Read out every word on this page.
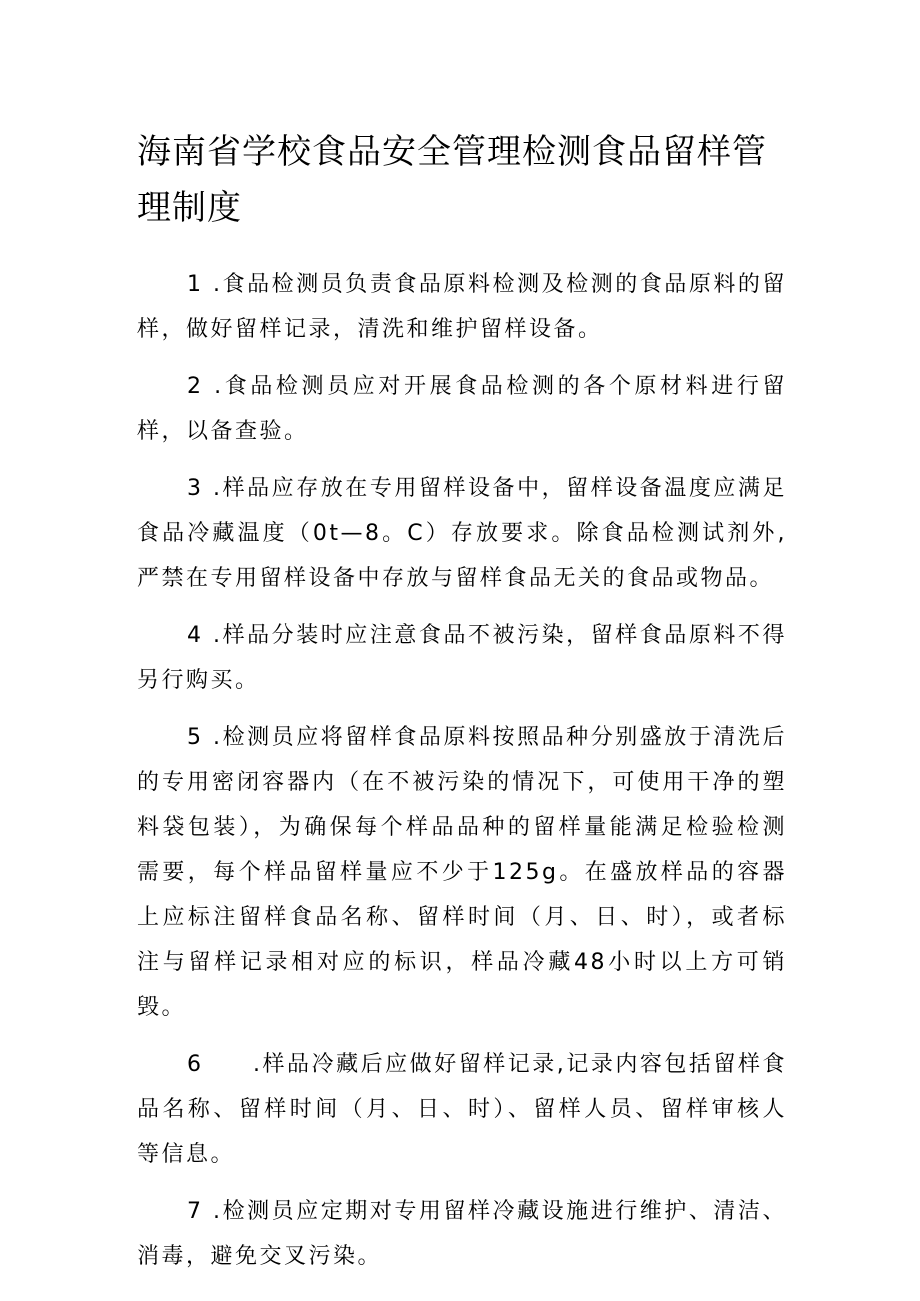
海南省学校食品安全管理检测食品留样管理制度

1 .食品检测员负责食品原料检测及检测的食品原料的留样，做好留样记录，清洗和维护留样设备。

2 .食品检测员应对开展食品检测的各个原材料进行留样，以备查验。

3 .样品应存放在专用留样设备中，留样设备温度应满足食品冷藏温度（0t—8。C）存放要求。除食品检测试剂外,严禁在专用留样设备中存放与留样食品无关的食品或物品。

4 .样品分装时应注意食品不被污染，留样食品原料不得另行购买。

5 .检测员应将留样食品原料按照品种分别盛放于清洗后的专用密闭容器内（在不被污染的情况下，可使用干净的塑料袋包装），为确保每个样品品种的留样量能满足检验检测需要，每个样品留样量应不少于125g。在盛放样品的容器上应标注留样食品名称、留样时间（月、日、时），或者标注与留样记录相对应的标识，样品冷藏48小时以上方可销毁。

6 .样品冷藏后应做好留样记录,记录内容包括留样食品名称、留样时间（月、日、时）、留样人员、留样审核人等信息。

7 .检测员应定期对专用留样冷藏设施进行维护、清洁、消毒，避免交叉污染。
